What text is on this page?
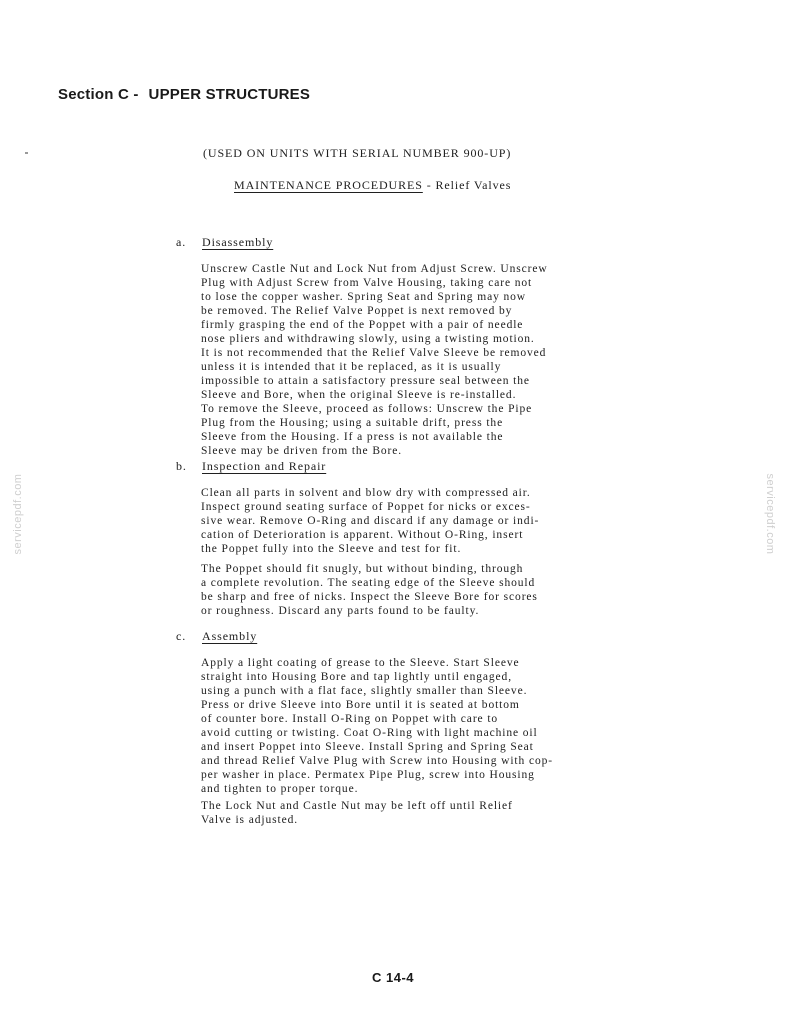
Section C - UPPER STRUCTURES
(USED ON UNITS WITH SERIAL NUMBER 900-UP)
MAINTENANCE PROCEDURES - Relief Valves
a. Disassembly

Unscrew Castle Nut and Lock Nut from Adjust Screw. Unscrew
Plug with Adjust Screw from Valve Housing, taking care not
to lose the copper washer. Spring Seat and Spring may now
be removed. The Relief Valve Poppet is next removed by
firmly grasping the end of the Poppet with a pair of needle
nose pliers and withdrawing slowly, using a twisting motion.
It is not recommended that the Relief Valve Sleeve be removed
unless it is intended that it be replaced, as it is usually
impossible to attain a satisfactory pressure seal between the
Sleeve and Bore, when the original Sleeve is re-installed.
To remove the Sleeve, proceed as follows: Unscrew the Pipe
Plug from the Housing; using a suitable drift, press the
Sleeve from the Housing. If a press is not available the
Sleeve may be driven from the Bore.

b. Inspection and Repair

Clean all parts in solvent and blow dry with compressed air.
Inspect ground seating surface of Poppet for nicks or exces-
sive wear. Remove O-Ring and discard if any damage or indi-
cation of Deterioration is apparent. Without O-Ring, insert
the Poppet fully into the Sleeve and test for fit.

The Poppet should fit snugly, but without binding, through
a complete revolution. The seating edge of the Sleeve should
be sharp and free of nicks. Inspect the Sleeve Bore for scores
or roughness. Discard any parts found to be faulty.

c. Assembly

Apply a light coating of grease to the Sleeve. Start Sleeve
straight into Housing Bore and tap lightly until engaged,
using a punch with a flat face, slightly smaller than Sleeve.
Press or drive Sleeve into Bore until it is seated at bottom
of counter bore. Install O-Ring on Poppet with care to
avoid cutting or twisting. Coat O-Ring with light machine oil
and insert Poppet into Sleeve. Install Spring and Spring Seat
and thread Relief Valve Plug with Screw into Housing with cop-
per washer in place. Permatex Pipe Plug, screw into Housing
and tighten to proper torque.

The Lock Nut and Castle Nut may be left off until Relief
Valve is adjusted.

servicepdf.com	servicepdf.com
C 14-4
